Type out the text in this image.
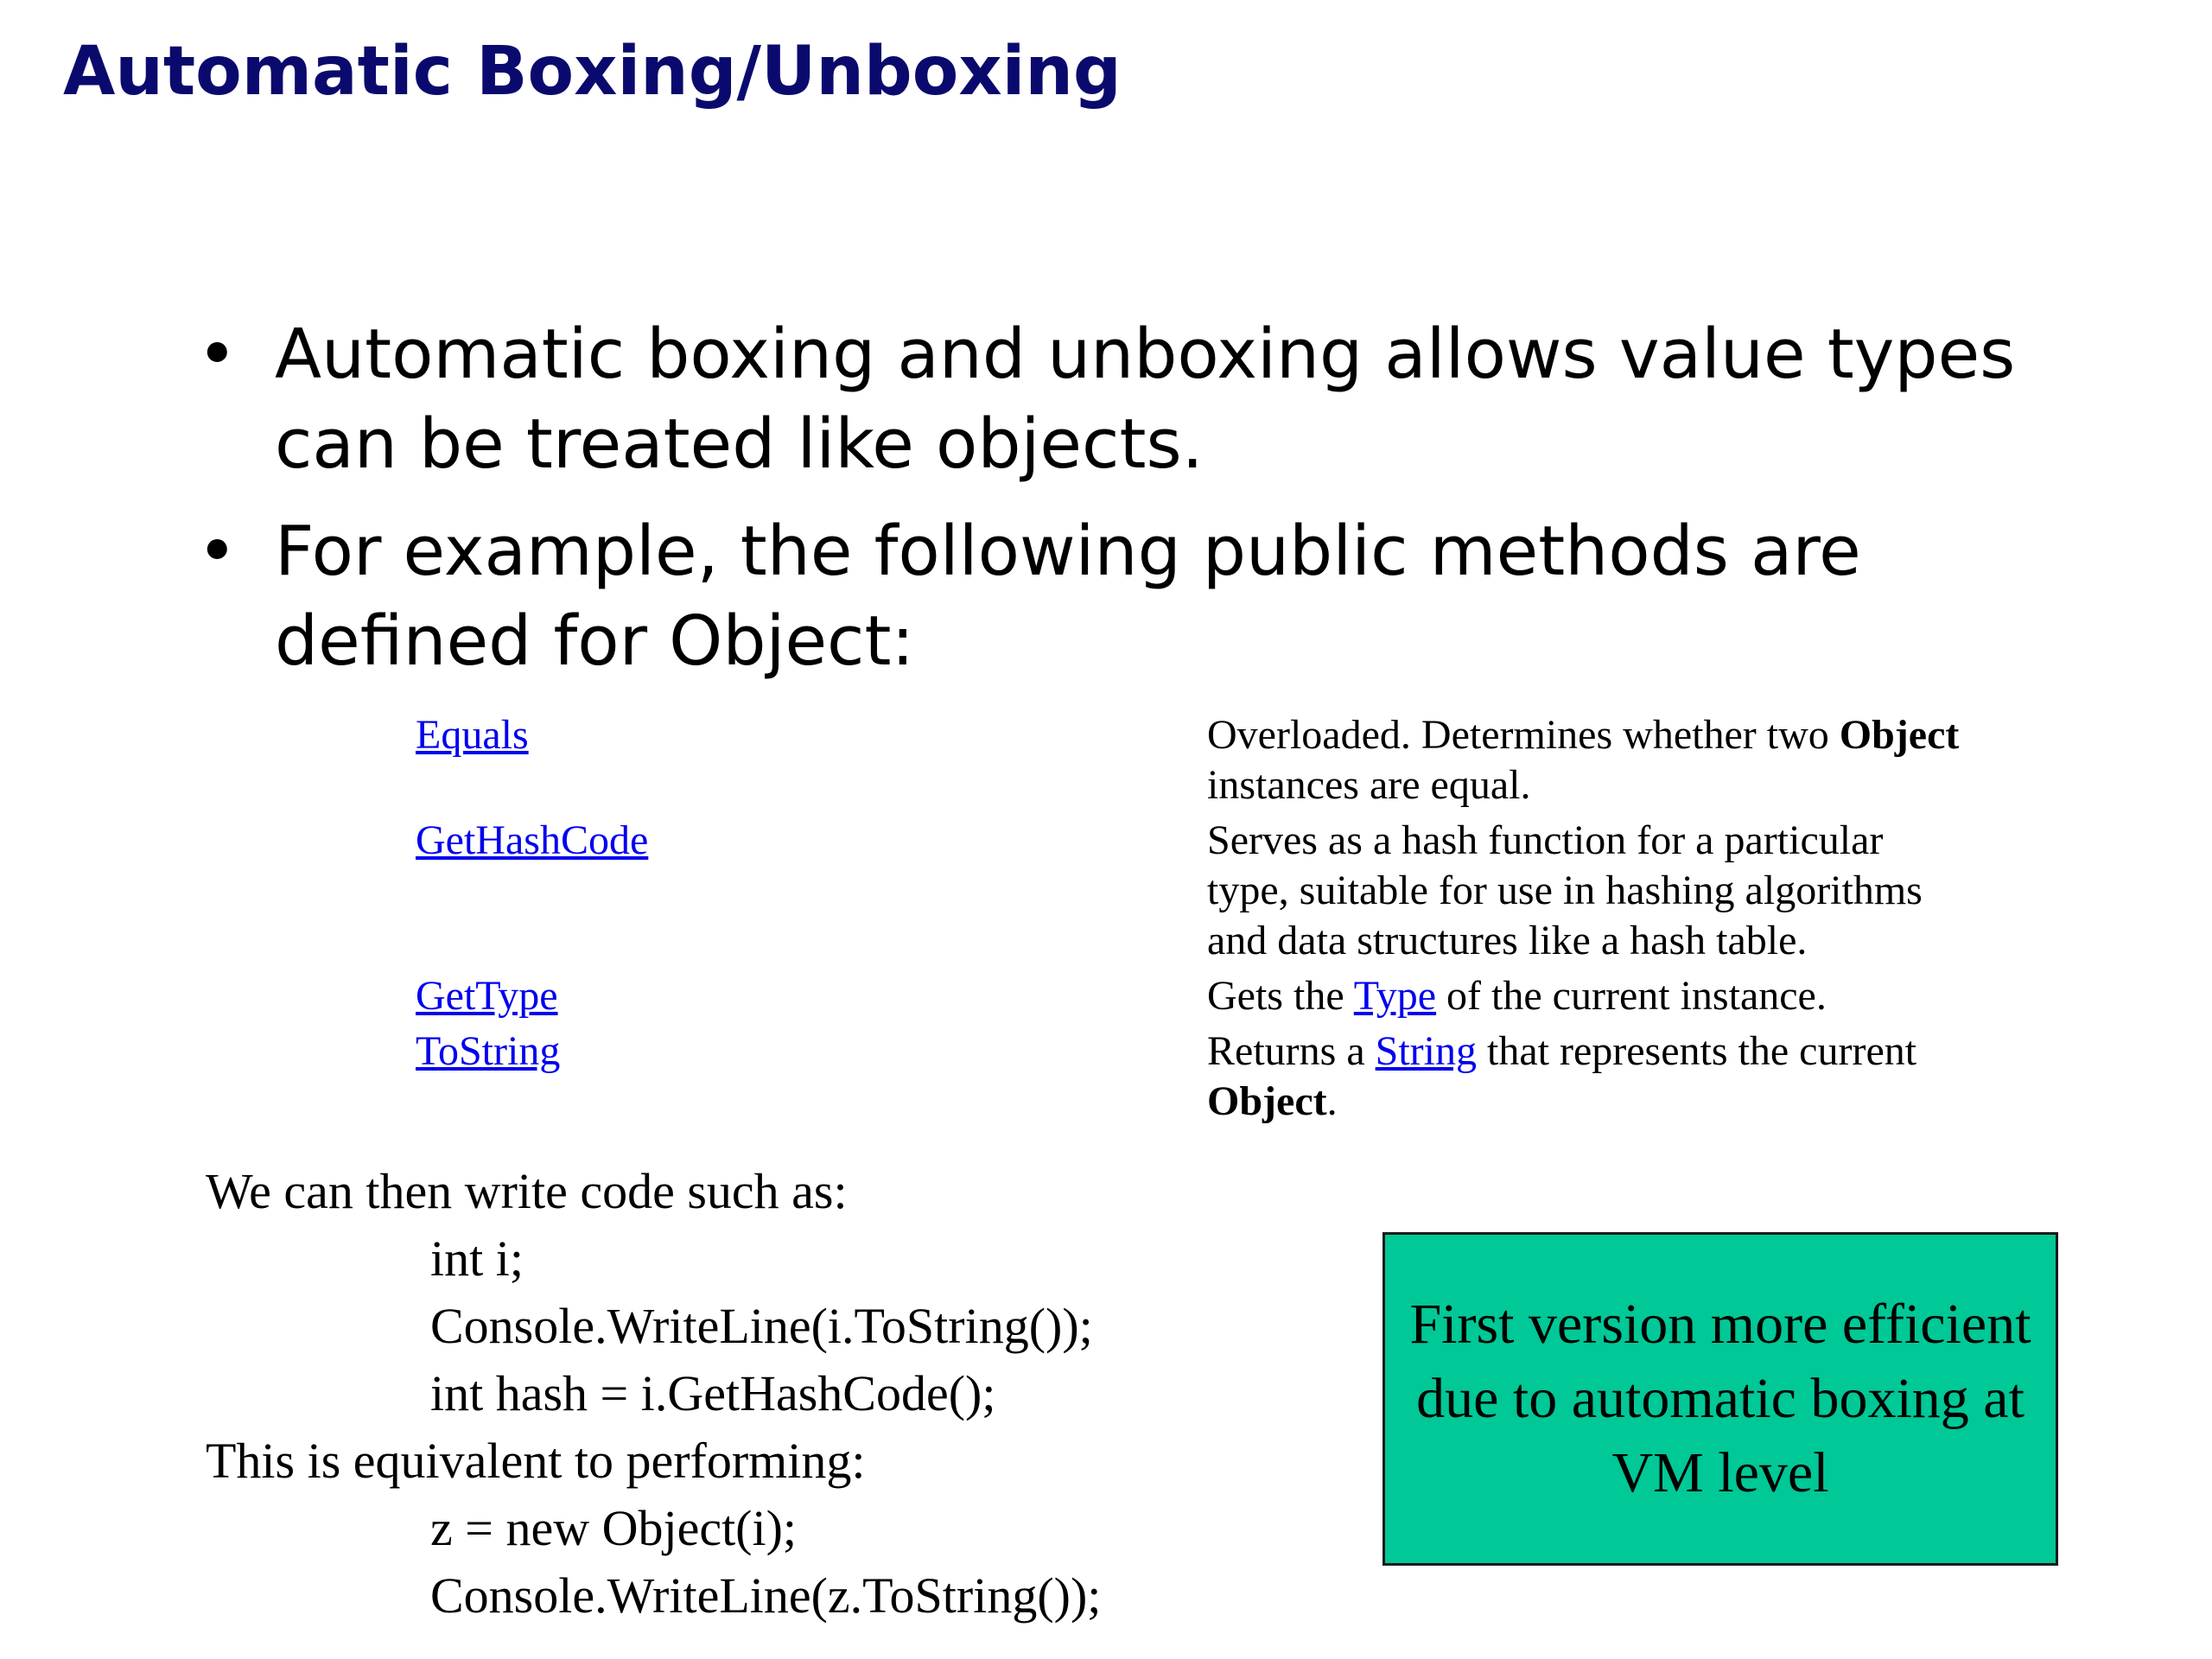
Automatic Boxing/Unboxing
• Automatic boxing and unboxing allows value types can be treated like objects.
• For example, the following public methods are defined for Object:
Equals	Overloaded. Determines whether two Object instances are equal.
GetHashCode	Serves as a hash function for a particular type, suitable for use in hashing algorithms and data structures like a hash table.
GetType	Gets the Type of the current instance.
ToString	Returns a String that represents the current Object.
We can then write code such as:
int i;
Console.WriteLine(i.ToString());
int hash = i.GetHashCode();
This is equivalent to performing:
z = new Object(i);
Console.WriteLine(z.ToString());
First version more efficient due to automatic boxing at VM level
